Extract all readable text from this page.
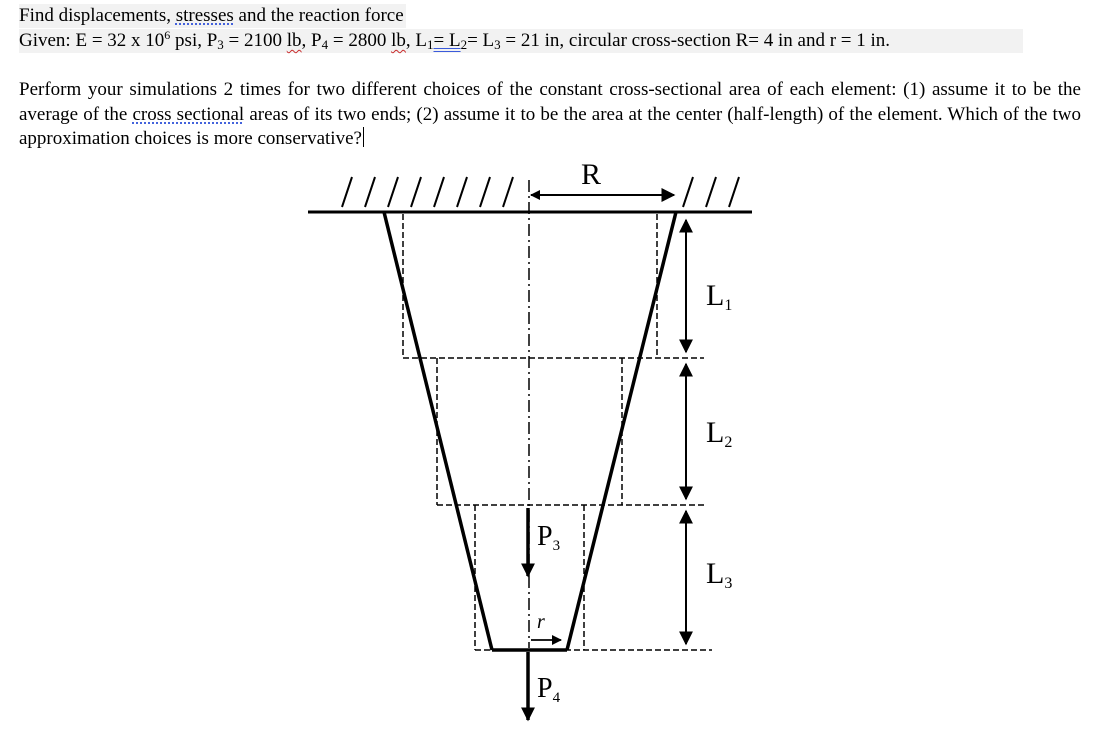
Find displacements, stresses and the reaction force
Given: E = 32 x $10^6$ psi, $P_3 = 2100$ lb, $P_4 = 2800$ lb, $L_1= L_2= L_3 = 21$ in, circular cross-section R= 4 in and r = 1 in.
Perform your simulations 2 times for two different choices of the constant cross-sectional area of each element: (1) assume it to be the average of the cross sectional areas of its two ends; (2) assume it to be the area at the center (half-length) of the element. Which of the two approximation choices is more conservative?
R
r
L1
L2
L3
P3
P4
